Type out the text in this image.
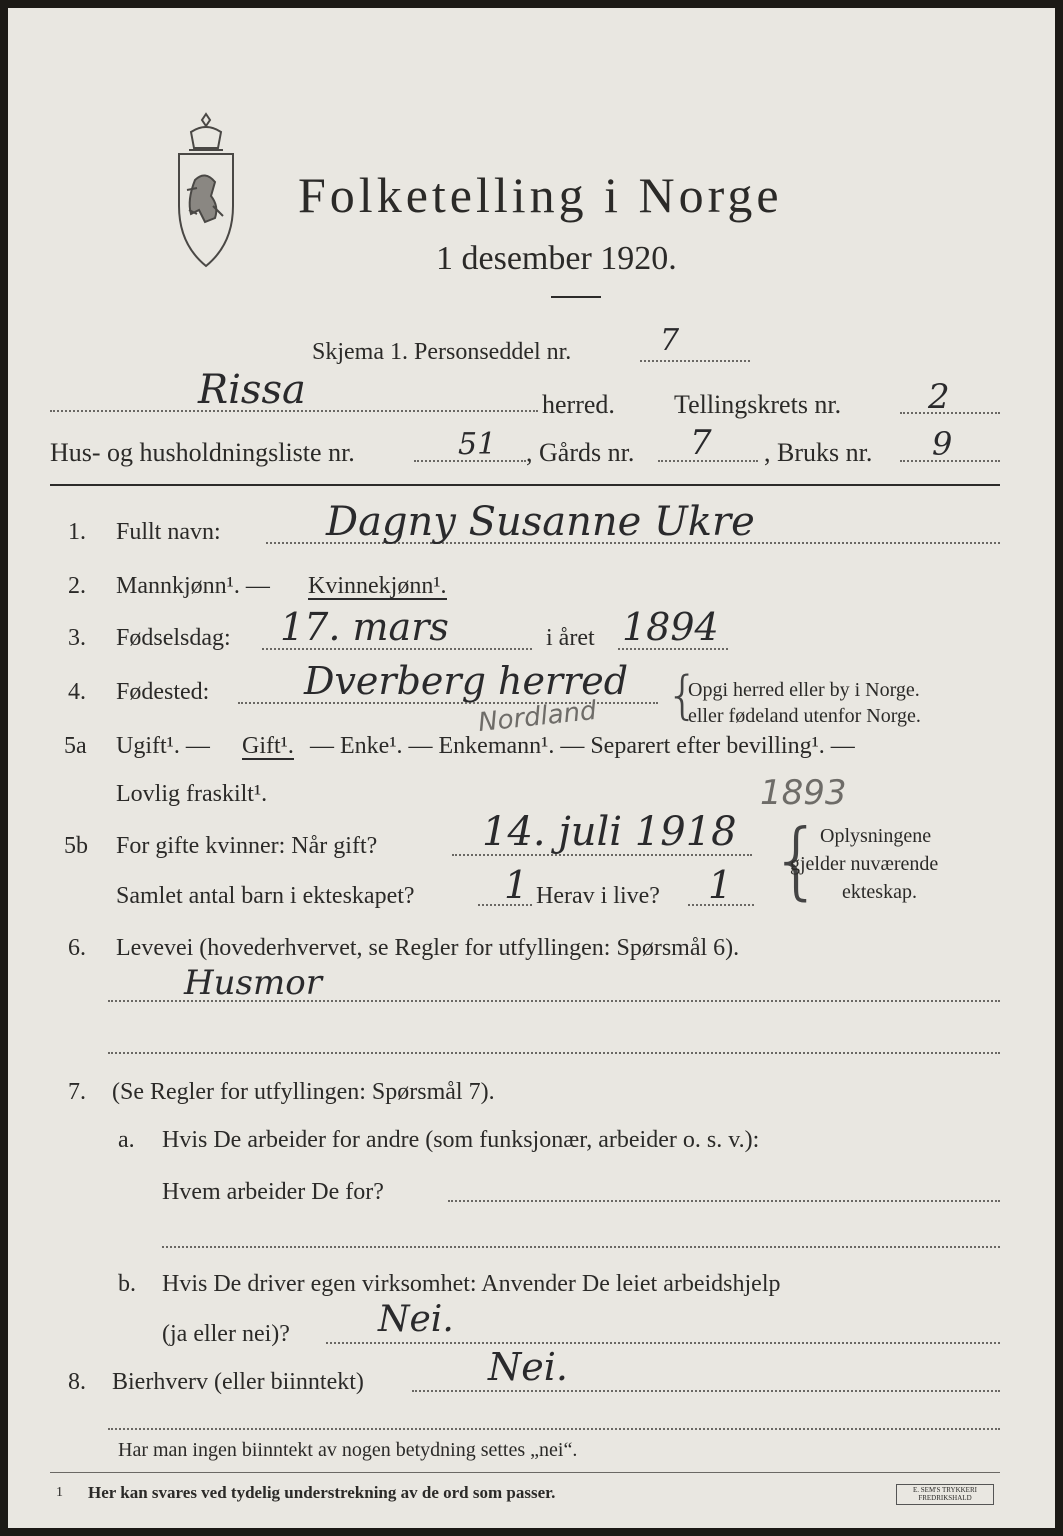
Folketelling i Norge
1 desember 1920.
Skjema 1. Personseddel nr.	7
Rissa	herred. Tellingskrets nr.	2
Hus- og husholdningsliste nr.	51 , Gårds nr. 7 , Bruks nr. 9
1. Fullt navn:	Dagny Susanne Ukre
2. Mannkjønn¹. — Kvinnekjønn¹.
3. Fødselsdag: 17. mars	i året 1894
4. Fødested: Dverberg herred
Nordland {
Opgi herred eller by i Norge.
eller fødeland utenfor Norge.
5a Ugift¹. — Gift¹. — Enke¹. — Enkemann¹. — Separert efter bevilling¹. —
Lovlig fraskilt¹.	1893
5b For gifte kvinner: Når gift?	14. juli 1918
Samlet antal barn i ekteskapet? 1 Herav i live? 1 {
Oplysningene
gjelder nuværende
ekteskap.
6. Levevei (hovederhvervet, se Regler for utfyllingen: Spørsmål 6).
Husmor
7. (Se Regler for utfyllingen: Spørsmål 7).
a. Hvis De arbeider for andre (som funksjonær, arbeider o. s. v.):
Hvem arbeider De for?
b. Hvis De driver egen virksomhet: Anvender De leiet arbeidshjelp
(ja eller nei)? Nei.
8. Bierhverv (eller biinntekt)	Nei.
Har man ingen biinntekt av nogen betydning settes „nei“.
1 Her kan svares ved tydelig understrekning av de ord som passer.	E. SEM'S TRYKKERI FREDRIKSHALD
